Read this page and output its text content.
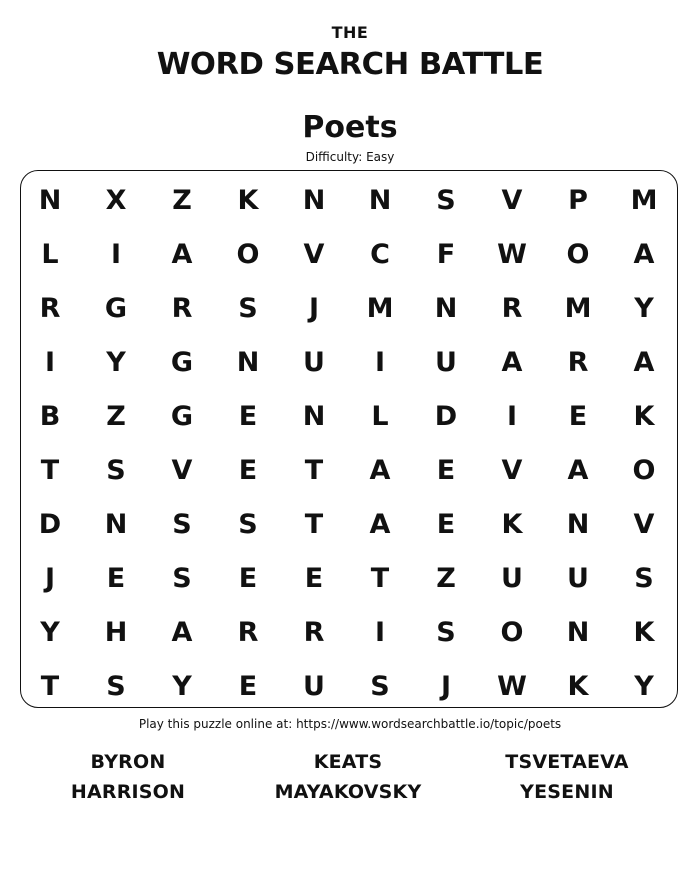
THE
WORD SEARCH BATTLE
Poets
Difficulty: Easy
N	X	Z	K	N	N	S	V	P	M
L	I	A	O	V	C	F	W	O	A
R	G	R	S	J	M	N	R	M	Y
I	Y	G	N	U	I	U	A	R	A
B	Z	G	E	N	L	D	I	E	K
T	S	V	E	T	A	E	V	A	O
D	N	S	S	T	A	E	K	N	V
J	E	S	E	E	T	Z	U	U	S
Y	H	A	R	R	I	S	O	N	K
T	S	Y	E	U	S	J	W	K	Y
Play this puzzle online at: https://www.wordsearchbattle.io/topic/poets
BYRON	KEATS	TSVETAEVA
HARRISON	MAYAKOVSKY	YESENIN
